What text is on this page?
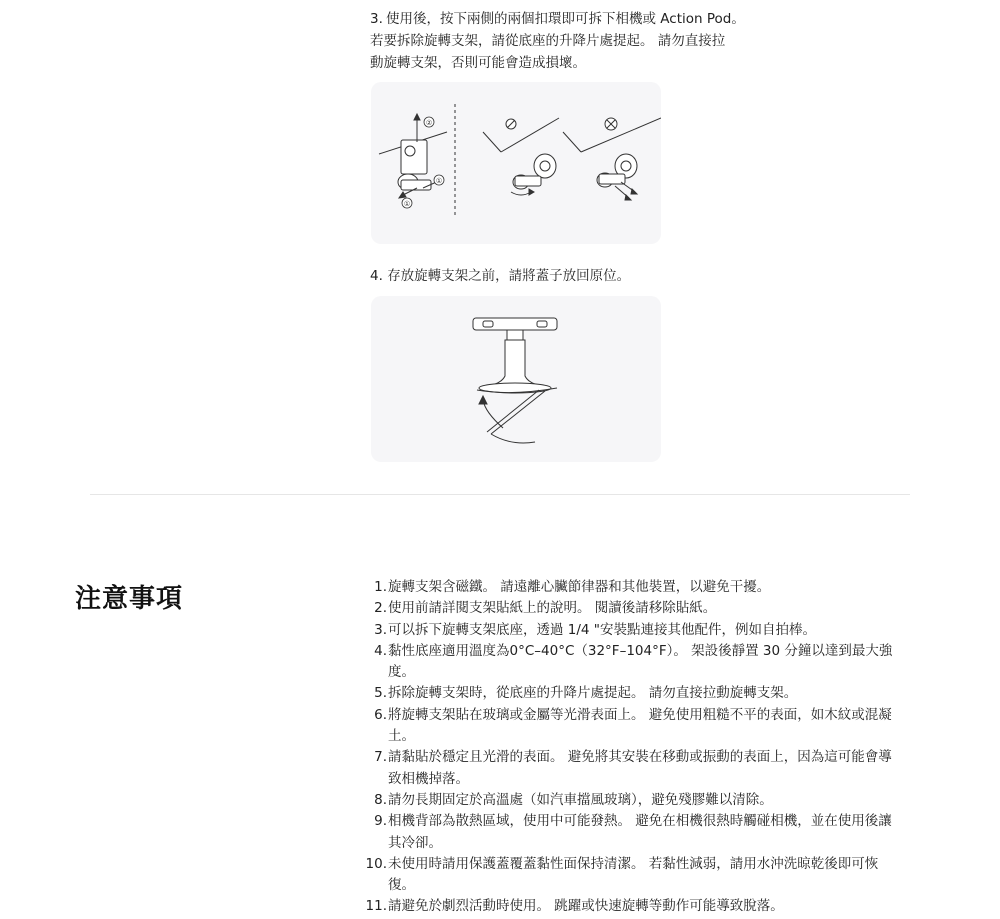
3. 使用後，按下兩側的兩個扣環即可拆下相機或 Action Pod。
若要拆除旋轉支架，請從底座的升降片處提起。 請勿直接拉
動旋轉支架，否則可能會造成損壞。
②
①
①
4. 存放旋轉支架之前，請將蓋子放回原位。
注意事項	1. 旋轉支架含磁鐵。 請遠離心臟節律器和其他裝置，以避免干擾。
2. 使用前請詳閱支架貼紙上的說明。 閱讀後請移除貼紙。
3. 可以拆下旋轉支架底座，透過 1/4 "安裝點連接其他配件，例如自拍棒。
4. 黏性底座適用溫度為0°C–40°C（32°F–104°F）。 架設後靜置 30 分鐘以達到最大強
度。
5. 拆除旋轉支架時，從底座的升降片處提起。 請勿直接拉動旋轉支架。
6. 將旋轉支架貼在玻璃或金屬等光滑表面上。 避免使用粗糙不平的表面，如木紋或混凝
土。
7. 請黏貼於穩定且光滑的表面。 避免將其安裝在移動或振動的表面上，因為這可能會導
致相機掉落。
8. 請勿長期固定於高溫處（如汽車擋風玻璃），避免殘膠難以清除。
9. 相機背部為散熱區域，使用中可能發熱。 避免在相機很熱時觸碰相機，並在使用後讓
其冷卻。
10. 未使用時請用保護蓋覆蓋黏性面保持清潔。 若黏性減弱，請用水沖洗晾乾後即可恢
復。
11. 請避免於劇烈活動時使用。 跳躍或快速旋轉等動作可能導致脫落。
